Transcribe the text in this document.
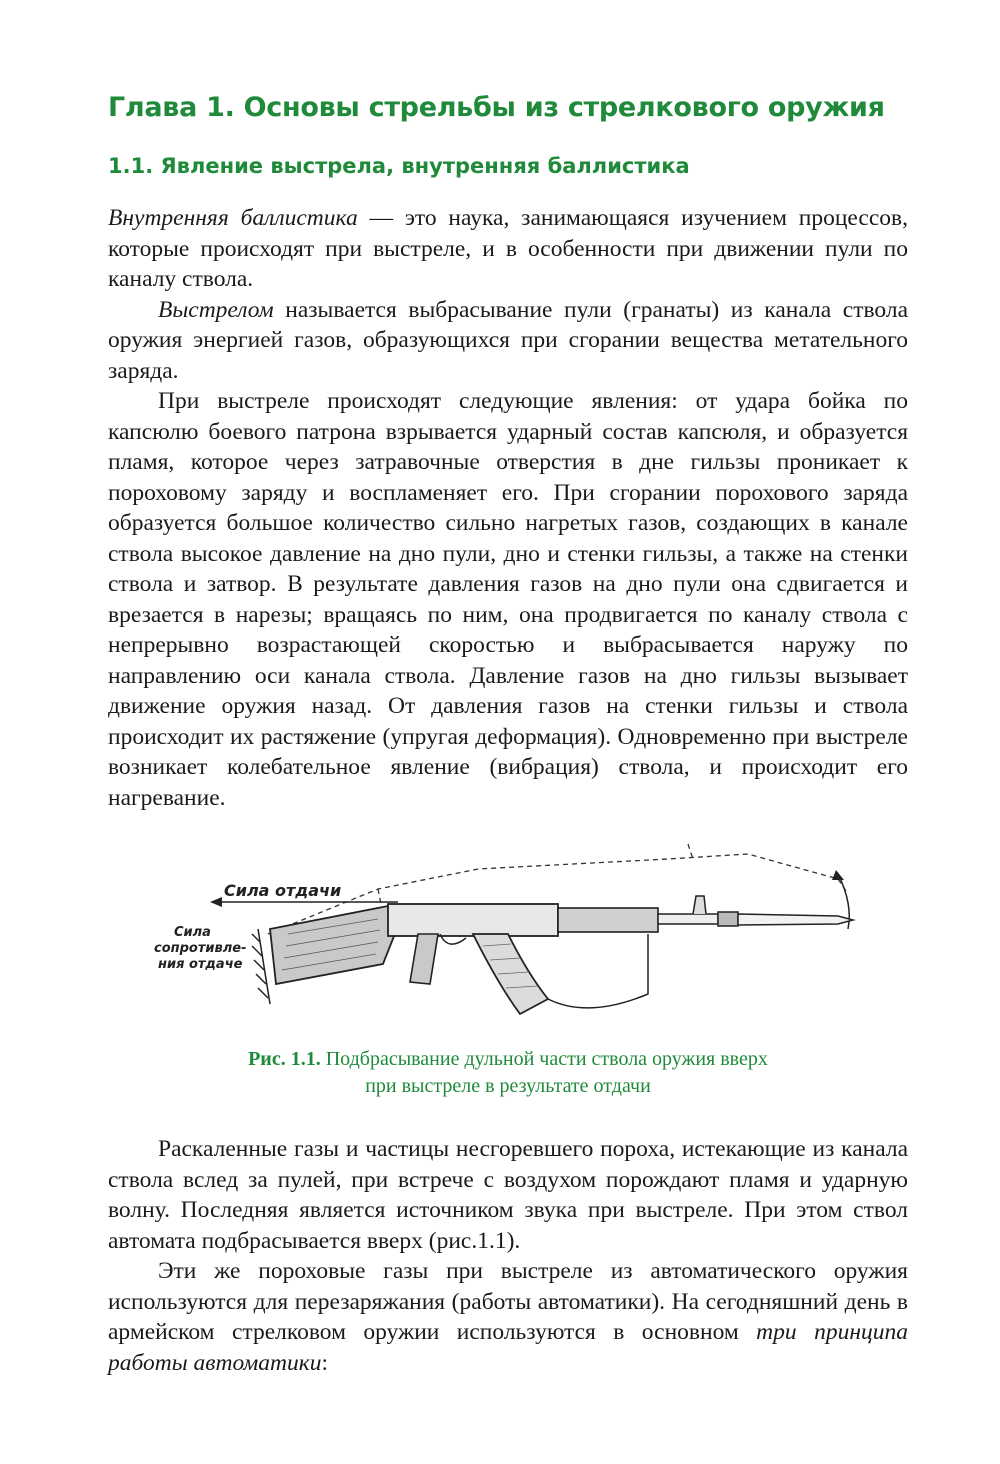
Глава 1. Основы стрельбы из стрелкового оружия
1.1. Явление выстрела, внутренняя баллистика

Внутренняя баллистика — это наука, занимающаяся изучением процессов, которые происходят при выстреле, и в особенности при движении пули по каналу ствола.

Выстрелом называется выбрасывание пули (гранаты) из канала ствола оружия энергией газов, образующихся при сгорании вещества метательного заряда.

При выстреле происходят следующие явления: от удара бойка по капсюлю боевого патрона взрывается ударный состав капсюля, и образуется пламя, которое через затравочные отверстия в дне гильзы проникает к пороховому заряду и воспламеняет его. При сгорании порохового заряда образуется большое количество сильно нагретых газов, создающих в канале ствола высокое давление на дно пули, дно и стенки гильзы, а также на стенки ствола и затвор. В результате давления газов на дно пули она сдвигается и врезается в нарезы; вращаясь по ним, она продвигается по каналу ствола с непрерывно возрастающей скоростью и выбрасывается наружу по направлению оси канала ствола. Давление газов на дно гильзы вызывает движение оружия назад. От давления газов на стенки гильзы и ствола происходит их растяжение (упругая деформация). Одновременно при выстреле возникает колебательное явление (вибрация) ствола, и происходит его нагревание.

Сила отдачи
Сила
сопротивле-
ния отдаче
Рис. 1.1. Подбрасывание дульной части ствола оружия вверх
при выстреле в результате отдачи

Раскаленные газы и частицы несгоревшего пороха, истекающие из канала ствола вслед за пулей, при встрече с воздухом порождают пламя и ударную волну. Последняя является источником звука при выстреле. При этом ствол автомата подбрасывается вверх (рис.1.1).

Эти же пороховые газы при выстреле из автоматического оружия используются для перезаряжания (работы автоматики). На сегодняшний день в армейском стрелковом оружии используются в основном три принципа работы автоматики:
